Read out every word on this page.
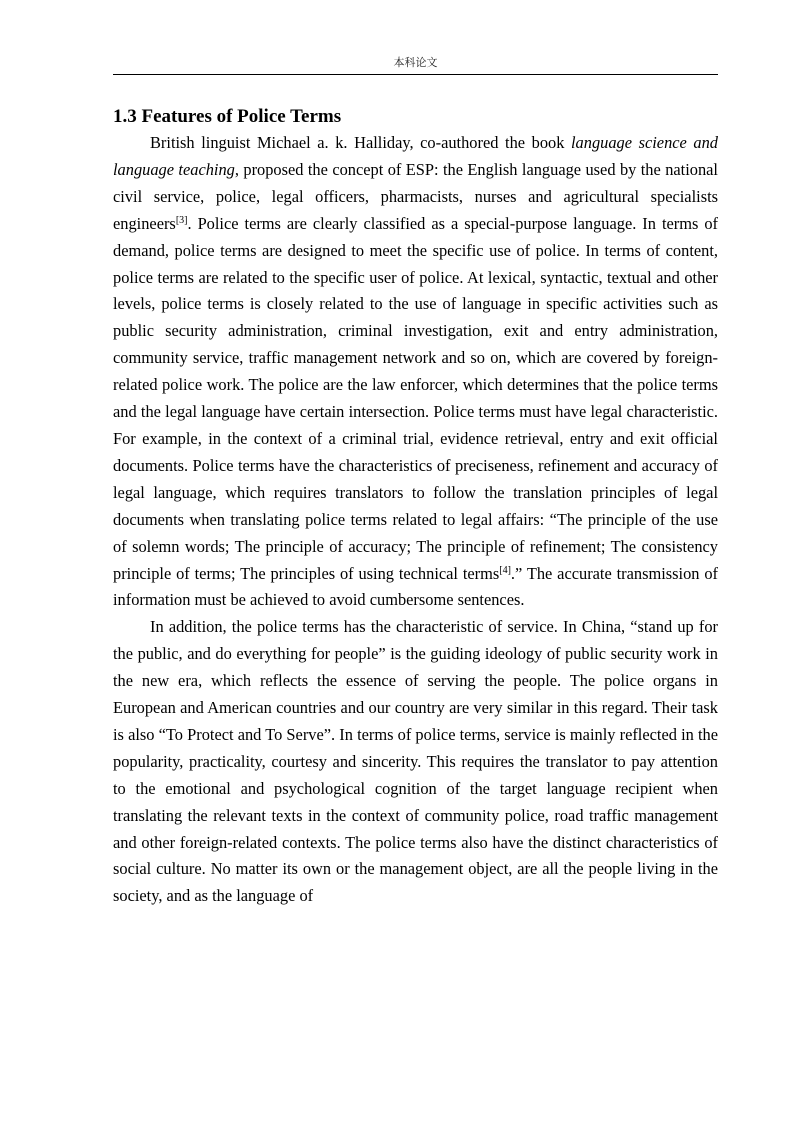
本科论文
1.3 Features of Police Terms

British linguist Michael a. k. Halliday, co-authored the book language science and language teaching, proposed the concept of ESP: the English language used by the national civil service, police, legal officers, pharmacists, nurses and agricultural specialists engineers[3]. Police terms are clearly classified as a special-purpose language. In terms of demand, police terms are designed to meet the specific use of police. In terms of content, police terms are related to the specific user of police. At lexical, syntactic, textual and other levels, police terms is closely related to the use of language in specific activities such as public security administration, criminal investigation, exit and entry administration, community service, traffic management network and so on, which are covered by foreign-related police work. The police are the law enforcer, which determines that the police terms and the legal language have certain intersection. Police terms must have legal characteristic. For example, in the context of a criminal trial, evidence retrieval, entry and exit official documents. Police terms have the characteristics of preciseness, refinement and accuracy of legal language, which requires translators to follow the translation principles of legal documents when translating police terms related to legal affairs: “The principle of the use of solemn words; The principle of accuracy; The principle of refinement; The consistency principle of terms; The principles of using technical terms[4].” The accurate transmission of information must be achieved to avoid cumbersome sentences.

In addition, the police terms has the characteristic of service. In China, “stand up for the public, and do everything for people” is the guiding ideology of public security work in the new era, which reflects the essence of serving the people. The police organs in European and American countries and our country are very similar in this regard. Their task is also “To Protect and To Serve”. In terms of police terms, service is mainly reflected in the popularity, practicality, courtesy and sincerity. This requires the translator to pay attention to the emotional and psychological cognition of the target language recipient when translating the relevant texts in the context of community police, road traffic management and other foreign-related contexts. The police terms also have the distinct characteristics of social culture. No matter its own or the management object, are all the people living in the society, and as the language of
